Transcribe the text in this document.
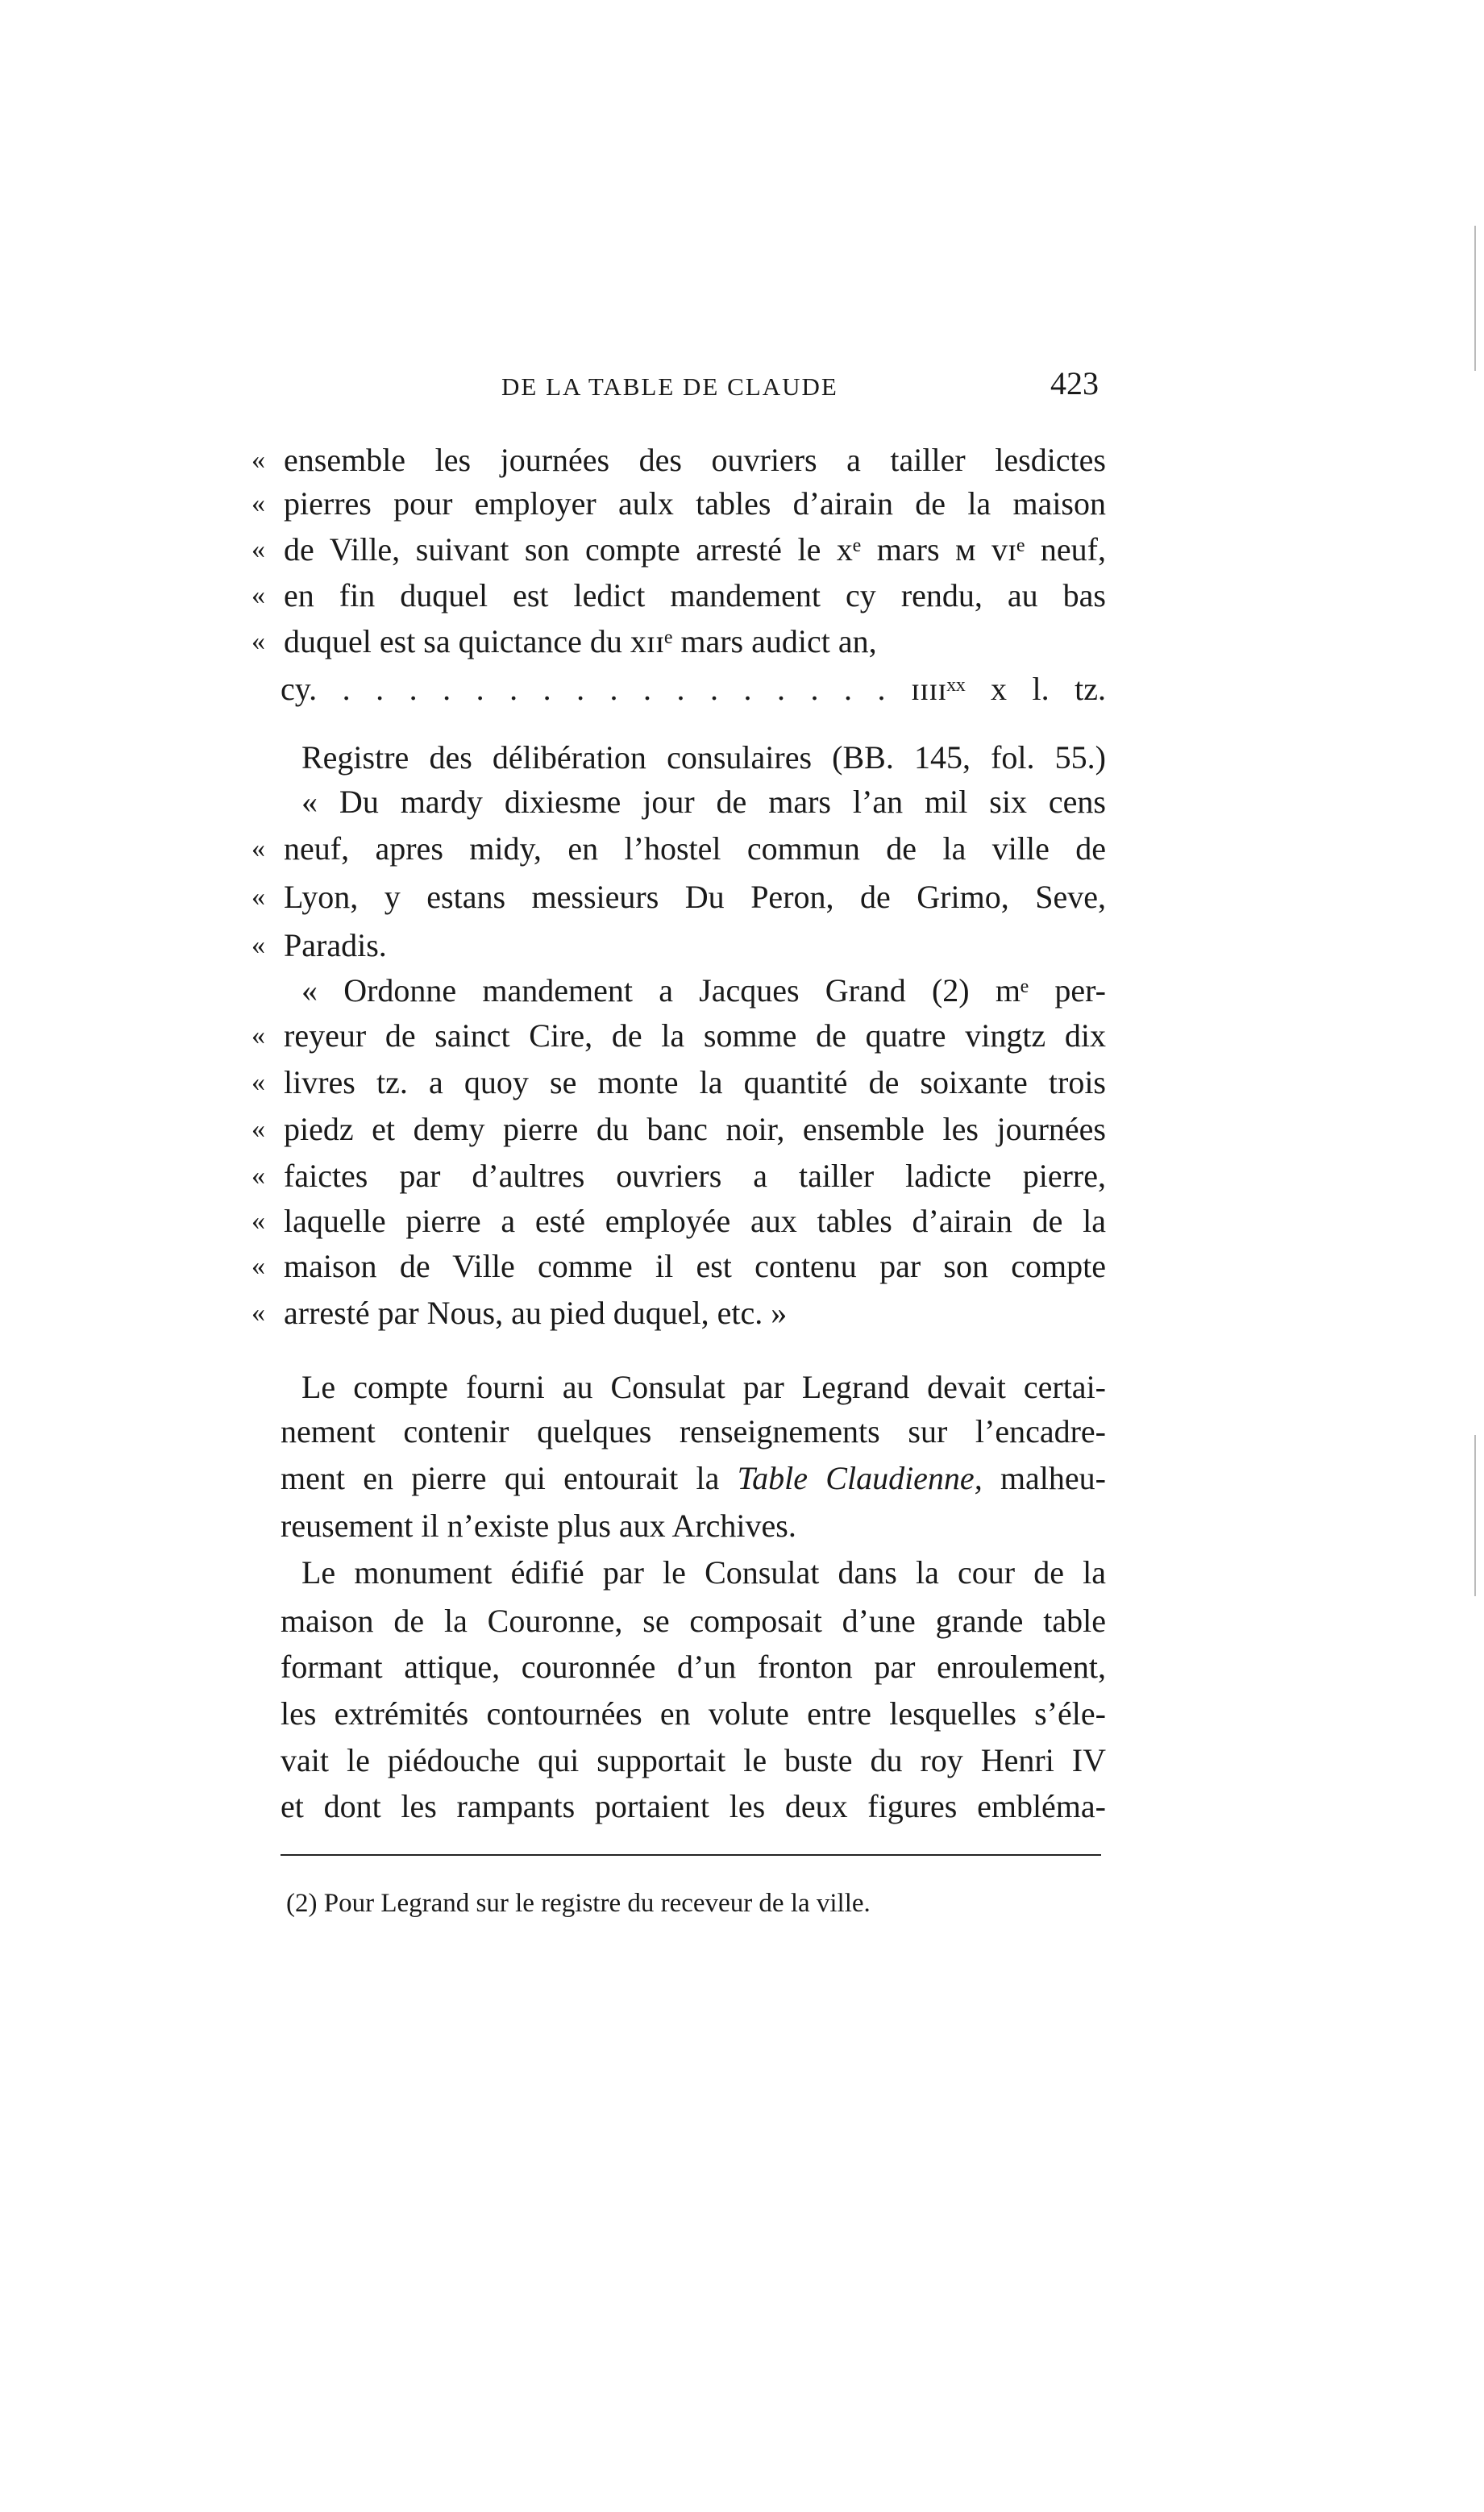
DE LA TABLE DE CLAUDE	423
« ensemble les journées des ouvriers a tailler lesdictes
« pierres pour employer aulx tables d’airain de la maison
« de Ville, suivant son compte arresté le xᵉ mars ᴍ ᴠɪᵉ neuf,
« en fin duquel est ledict mandement cy rendu, au bas
« duquel est sa quictance du xɪɪᵉ mars audict an,
cy. . . . . . . . . . . . . . . . . . ɪɪɪɪˣˣ x l. tz.
Registre des délibération consulaires (BB. 145, fol. 55.)
« Du mardy dixiesme jour de mars l’an mil six cens
« neuf, apres midy, en l’hostel commun de la ville de
« Lyon, y estans messieurs Du Peron, de Grimo, Seve,
« Paradis.
« Ordonne mandement a Jacques Grand (2) mᵉ per-
« reyeur de sainct Cire, de la somme de quatre vingtz dix
« livres tz. a quoy se monte la quantité de soixante trois
« piedz et demy pierre du banc noir, ensemble les journées
« faictes par d’aultres ouvriers a tailler ladicte pierre,
« laquelle pierre a esté employée aux tables d’airain de la
« maison de Ville comme il est contenu par son compte
« arresté par Nous, au pied duquel, etc. »
Le compte fourni au Consulat par Legrand devait certai-
nement contenir quelques renseignements sur l’encadre-
ment en pierre qui entourait la Table Claudienne, malheu-
reusement il n’existe plus aux Archives.
Le monument édifié par le Consulat dans la cour de la
maison de la Couronne, se composait d’une grande table
formant attique, couronnée d’un fronton par enroulement,
les extrémités contournées en volute entre lesquelles s’éle-
vait le piédouche qui supportait le buste du roy Henri IV
et dont les rampants portaient les deux figures embléma-
(2) Pour Legrand sur le registre du receveur de la ville.
